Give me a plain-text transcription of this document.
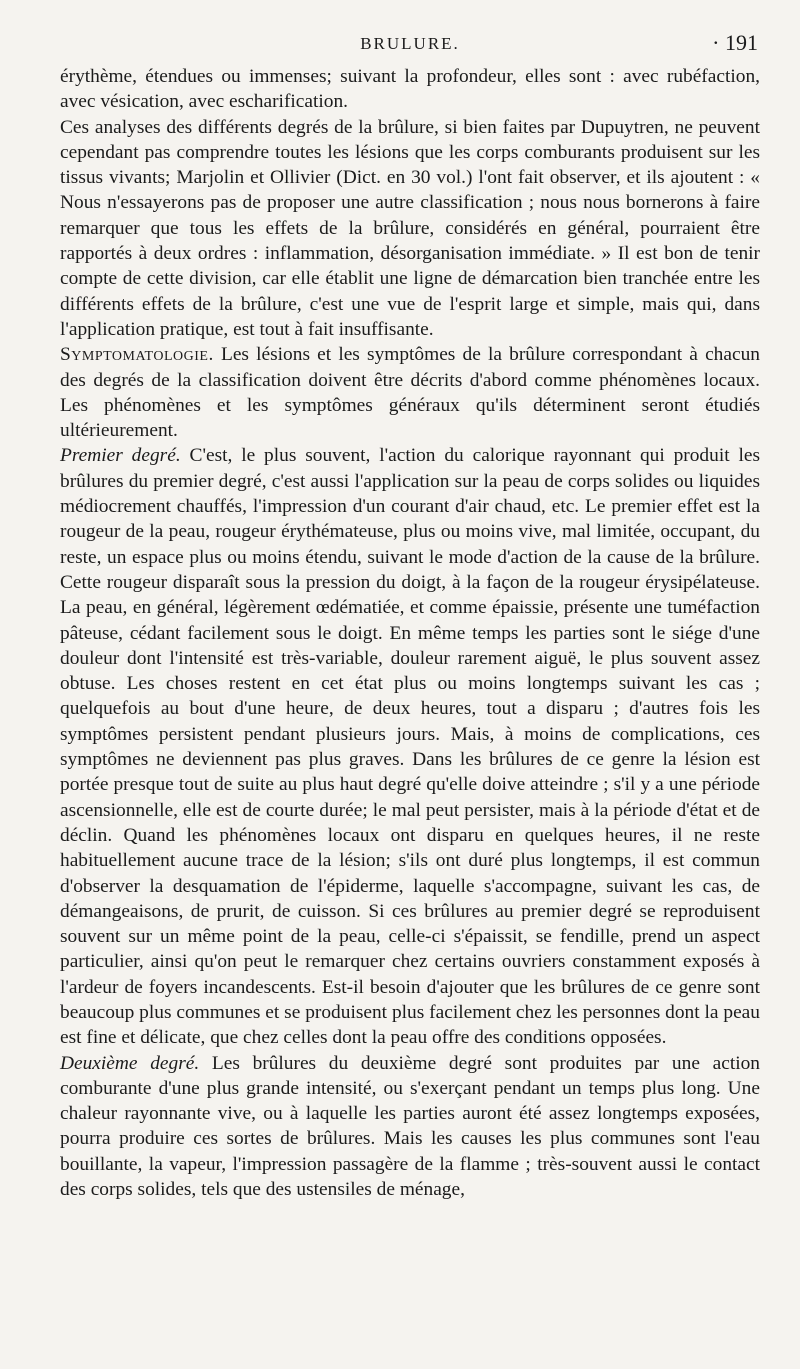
BRULURE.	· 191

érythème, étendues ou immenses; suivant la profondeur, elles sont : avec rubéfaction, avec vésication, avec escharification.

Ces analyses des différents degrés de la brûlure, si bien faites par Dupuytren, ne peuvent cependant pas comprendre toutes les lésions que les corps comburants produisent sur les tissus vivants; Marjolin et Ollivier (Dict. en 30 vol.) l'ont fait observer, et ils ajoutent : « Nous n'essayerons pas de proposer une autre classification ; nous nous bornerons à faire remarquer que tous les effets de la brûlure, considérés en général, pourraient être rapportés à deux ordres : inflammation, désorganisation immédiate. » Il est bon de tenir compte de cette division, car elle établit une ligne de démarcation bien tranchée entre les différents effets de la brûlure, c'est une vue de l'esprit large et simple, mais qui, dans l'application pratique, est tout à fait insuffisante.

Symptomatologie. Les lésions et les symptômes de la brûlure correspondant à chacun des degrés de la classification doivent être décrits d'abord comme phénomènes locaux. Les phénomènes et les symptômes généraux qu'ils déterminent seront étudiés ultérieurement.

Premier degré. C'est, le plus souvent, l'action du calorique rayonnant qui produit les brûlures du premier degré, c'est aussi l'application sur la peau de corps solides ou liquides médiocrement chauffés, l'impression d'un courant d'air chaud, etc. Le premier effet est la rougeur de la peau, rougeur érythémateuse, plus ou moins vive, mal limitée, occupant, du reste, un espace plus ou moins étendu, suivant le mode d'action de la cause de la brûlure. Cette rougeur disparaît sous la pression du doigt, à la façon de la rougeur érysipélateuse. La peau, en général, légèrement œdématiée, et comme épaissie, présente une tuméfaction pâteuse, cédant facilement sous le doigt. En même temps les parties sont le siége d'une douleur dont l'intensité est très-variable, douleur rarement aiguë, le plus souvent assez obtuse. Les choses restent en cet état plus ou moins longtemps suivant les cas ; quelquefois au bout d'une heure, de deux heures, tout a disparu ; d'autres fois les symptômes persistent pendant plusieurs jours. Mais, à moins de complications, ces symptômes ne deviennent pas plus graves. Dans les brûlures de ce genre la lésion est portée presque tout de suite au plus haut degré qu'elle doive atteindre ; s'il y a une période ascensionnelle, elle est de courte durée; le mal peut persister, mais à la période d'état et de déclin. Quand les phénomènes locaux ont disparu en quelques heures, il ne reste habituellement aucune trace de la lésion; s'ils ont duré plus longtemps, il est commun d'observer la desquamation de l'épiderme, laquelle s'accompagne, suivant les cas, de démangeaisons, de prurit, de cuisson. Si ces brûlures au premier degré se reproduisent souvent sur un même point de la peau, celle-ci s'épaissit, se fendille, prend un aspect particulier, ainsi qu'on peut le remarquer chez certains ouvriers constamment exposés à l'ardeur de foyers incandescents. Est-il besoin d'ajouter que les brûlures de ce genre sont beaucoup plus communes et se produisent plus facilement chez les personnes dont la peau est fine et délicate, que chez celles dont la peau offre des conditions opposées.

Deuxième degré. Les brûlures du deuxième degré sont produites par une action comburante d'une plus grande intensité, ou s'exerçant pendant un temps plus long. Une chaleur rayonnante vive, ou à laquelle les parties auront été assez longtemps exposées, pourra produire ces sortes de brûlures. Mais les causes les plus communes sont l'eau bouillante, la vapeur, l'impression passagère de la flamme ; très-souvent aussi le contact des corps solides, tels que des ustensiles de ménage,
